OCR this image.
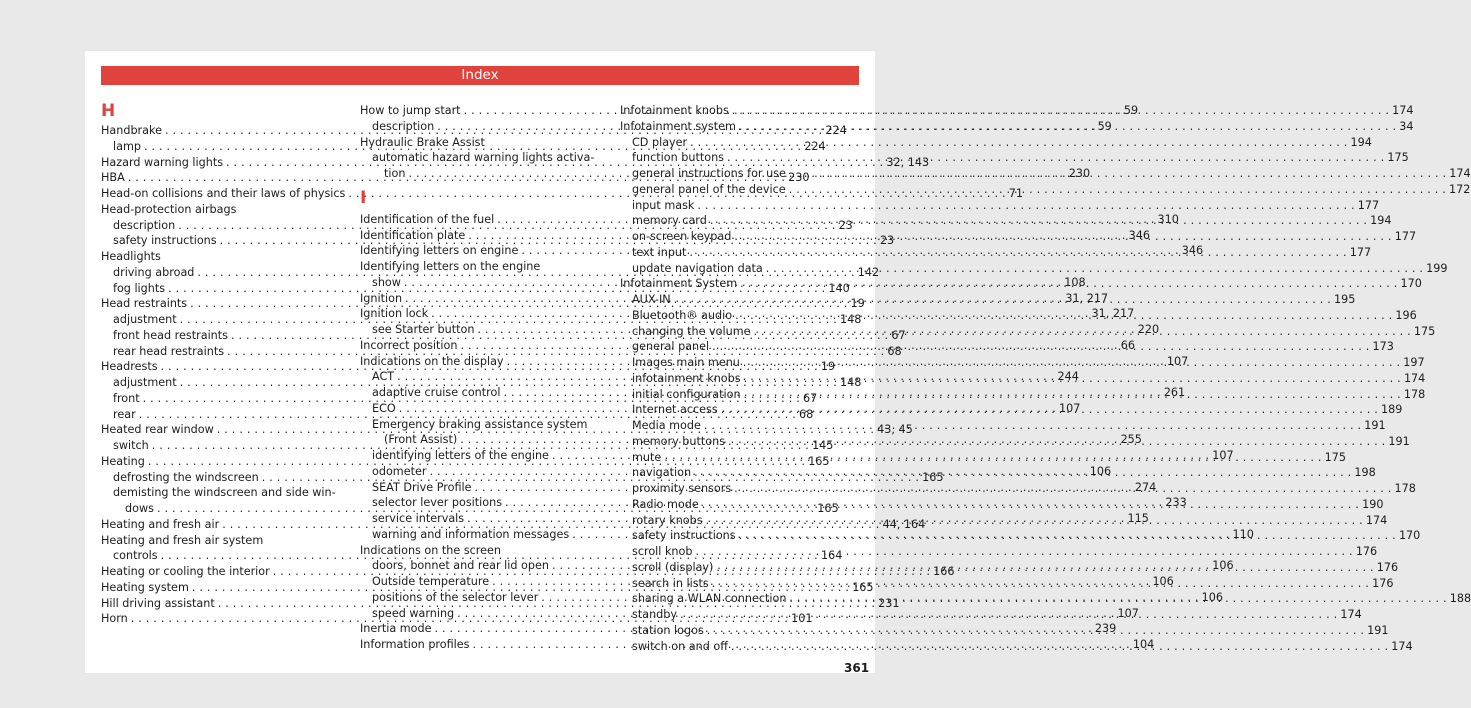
Index
H
Handbrake . . .	224
lamp . . .	224
Hazard warning lights . . .	32, 143
HBA . . .	230
Head-on collisions and their laws of physics . . .	71
Head-protection airbags
description . . .	23
safety instructions . . .	23
Headlights
driving abroad . . .	142
fog lights . . .	140
Head restraints . . .	19
adjustment . . .	148
front head restraints . . .	67
rear head restraints . . .	68
Headrests . . .	19
adjustment . . .	148
front . . .	67
rear . . .	68
Heated rear window . . .	43, 45
switch . . .	145
Heating . . .	165
defrosting the windscreen . . .	165
demisting the windscreen and side win-
dows . . .	165
Heating and fresh air . . .	44, 164
Heating and fresh air system
controls . . .	164
Heating or cooling the interior . . .	166
Heating system . . .	165
Hill driving assistant . . .	231
Horn . . .	101
How to jump start . . .	59
description . . .	59
Hydraulic Brake Assist
automatic hazard warning lights activa-
tion . . .	230
I
Identification of the fuel . . .	310
Identification plate . . .	346
Identifying letters on engine . . .	346
Identifying letters on the engine
show . . .	108
Ignition . . .	31, 217
Ignition lock . . .	31, 217
see Starter button . . .	220
Incorrect position . . .	66
Indications on the display . . .	107
ACT . . .	244
adaptive cruise control . . .	261
ECO . . .	107
Emergency braking assistance system
(Front Assist) . . .	255
identifying letters of the engine . . .	107
odometer . . .	106
SEAT Drive Profile . . .	274
selector lever positions . . .	233
service intervals . . .	115
warning and information messages . . .	110
Indications on the screen
doors, bonnet and rear lid open . . .	106
Outside temperature . . .	106
positions of the selector lever . . .	106
speed warning . . .	107
Inertia mode . . .	239
Information profiles . . .	104
Infotainment knobs . . .	174
Infotainment system . . .	34
CD player . . .	194
function buttons . . .	175
general instructions for use . . .	174
general panel of the device . . .	172
input mask . . .	177
memory card . . .	194
on-screen keypad . . .	177
text input . . .	177
update navigation data . . .	199
Infotainment System . . .	170
AUX-IN . . .	195
Bluetooth® audio . . .	196
changing the volume . . .	175
general panel . . .	173
Images main menu . . .	197
infotainment knobs . . .	174
initial configuration . . .	178
Internet access . . .	189
Media mode . . .	191
memory buttons . . .	191
mute . . .	175
navigation . . .	198
proximity sensors . . .	178
Radio mode . . .	190
rotary knobs . . .	174
safety instructions . . .	170
scroll knob . . .	176
scroll (display) . . .	176
search in lists . . .	176
sharing a WLAN connection . . .	188
standby . . .	174
station logos . . .	191
switch on and off . . .	174
361
